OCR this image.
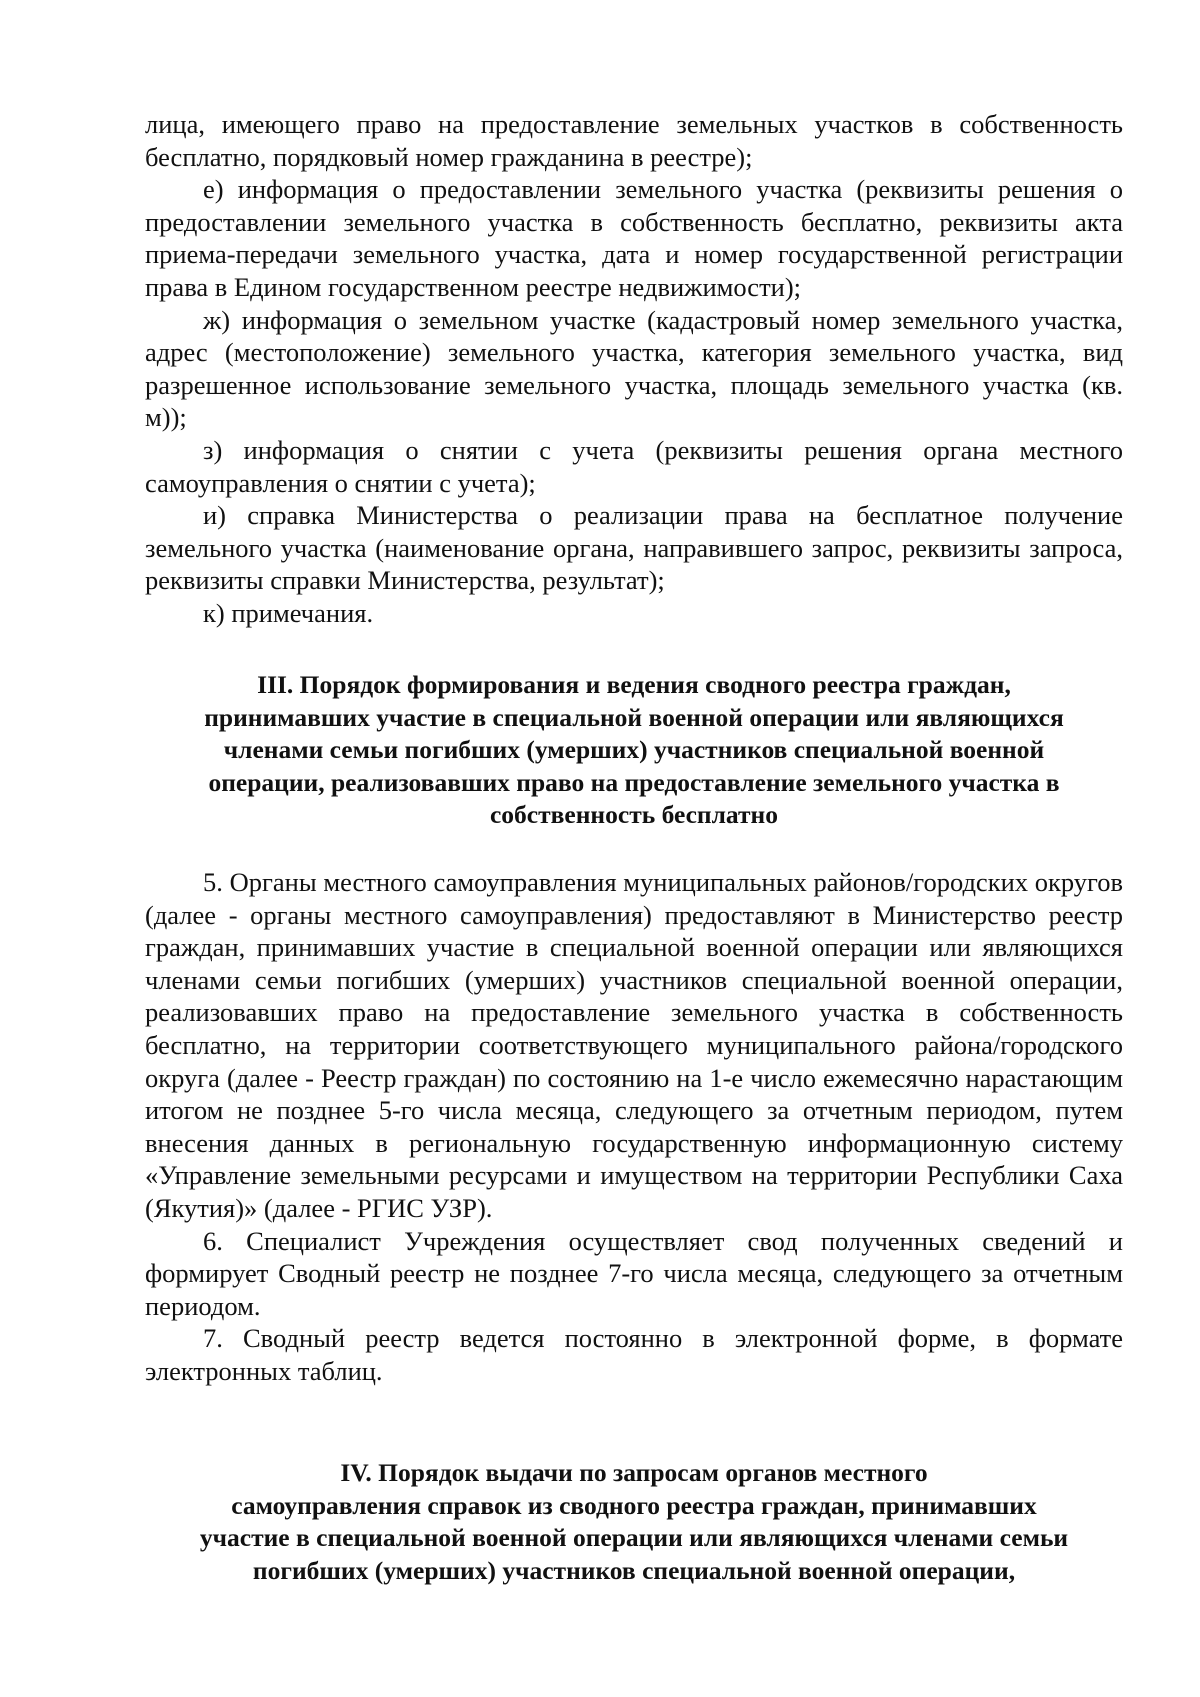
лица, имеющего право на предоставление земельных участков в собственность бесплатно, порядковый номер гражданина в реестре);

е) информация о предоставлении земельного участка (реквизиты решения о предоставлении земельного участка в собственность бесплатно, реквизиты акта приема-передачи земельного участка, дата и номер государственной регистрации права в Едином государственном реестре недвижимости);

ж) информация о земельном участке (кадастровый номер земельного участка, адрес (местоположение) земельного участка, категория земельного участка, вид разрешенное использование земельного участка, площадь земельного участка (кв. м));

з) информация о снятии с учета (реквизиты решения органа местного самоуправления о снятии с учета);

и) справка Министерства о реализации права на бесплатное получение земельного участка (наименование органа, направившего запрос, реквизиты запроса, реквизиты справки Министерства, результат);

к) примечания.

III. Порядок формирования и ведения сводного реестра граждан,
принимавших участие в специальной военной операции или являющихся
членами семьи погибших (умерших) участников специальной военной
операции, реализовавших право на предоставление земельного участка в
собственность бесплатно

5. Органы местного самоуправления муниципальных районов/городских округов (далее - органы местного самоуправления) предоставляют в Министерство реестр граждан, принимавших участие в специальной военной операции или являющихся членами семьи погибших (умерших) участников специальной военной операции, реализовавших право на предоставление земельного участка в собственность бесплатно, на территории соответствующего муниципального района/городского округа (далее - Реестр граждан) по состоянию на 1-е число ежемесячно нарастающим итогом не позднее 5-го числа месяца, следующего за отчетным периодом, путем внесения данных в региональную государственную информационную систему «Управление земельными ресурсами и имуществом на территории Республики Саха (Якутия)» (далее - РГИС УЗР).

6. Специалист Учреждения осуществляет свод полученных сведений и формирует Сводный реестр не позднее 7-го числа месяца, следующего за отчетным периодом.

7. Сводный реестр ведется постоянно в электронной форме, в формате электронных таблиц.

IV. Порядок выдачи по запросам органов местного
самоуправления справок из сводного реестра граждан, принимавших
участие в специальной военной операции или являющихся членами семьи
погибших (умерших) участников специальной военной операции,
